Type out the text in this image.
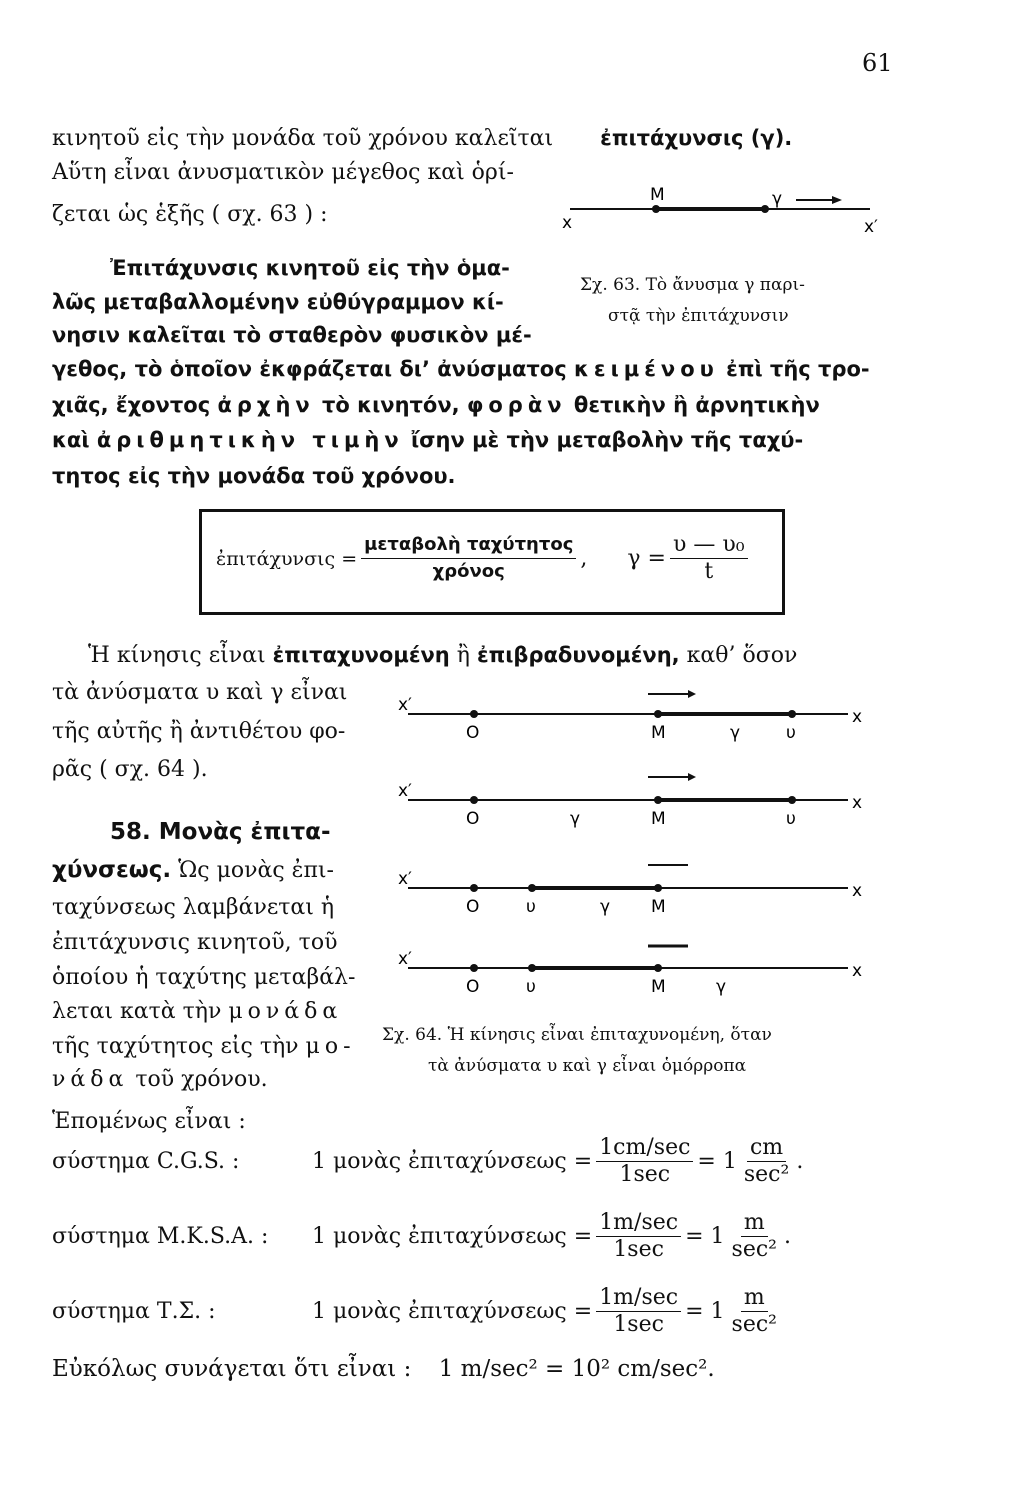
61
κινητοῦ εἰς τὴν μονάδα τοῦ χρόνου καλεῖται ἐπιτάχυνσις (γ).
Αὕτη εἶναι ἀνυσματικὸν μέγεθος καὶ ὁρί-
ζεται ὡς ἑξῆς ( σχ. 63 ) :	x
M	γ
x′
Σχ. 63. Τὸ ἄνυσμα γ παρι-
στᾷ τὴν ἐπιτάχυνσιν
Ἐπιτάχυνσις κινητοῦ εἰς τὴν ὁμα-
λῶς μεταβαλλομένην εὐθύγραμμον κί-
νησιν καλεῖται τὸ σταθερὸν φυσικὸν μέ-
γεθος, τὸ ὁποῖον ἐκφράζεται δι’ ἀνύσματος κειμένου ἐπὶ τῆς τρο-
χιᾶς, ἔχοντος ἀρχὴν τὸ κινητόν, φορὰν θετικὴν ἢ ἀρνητικὴν
καὶ ἀριθμητικὴν τιμὴν ἴσην μὲ τὴν μεταβολὴν τῆς ταχύ-
τητος εἰς τὴν μονάδα τοῦ χρόνου.
ἐπιτάχυνσις = $\frac{\text{μεταβολὴ ταχύτητος}}{\text{χρόνος}}$ , $\gamma = \frac{\text{υ — υ₀}}{t}$
Ἡ κίνησις εἶναι ἐπιταχυνομένη ἢ ἐπιβραδυνομένη, καθ’ ὅσον
τὰ ἀνύσματα υ καὶ γ εἶναι
τῆς αὐτῆς ἢ ἀντιθέτου φο-
ρᾶς ( σχ. 64 ).
58. Μονὰς ἐπιτα-
χύνσεως. Ὡς μονὰς ἐπι-
ταχύνσεως λαμβάνεται ἡ
ἐπιτάχυνσις κινητοῦ, τοῦ
ὁποίου ἡ ταχύτης μεταβάλ-
λεται κατὰ τὴν μονάδα
τῆς ταχύτητος εἰς τὴν μο-
νάδα τοῦ χρόνου.
x′
x
O	M	γ	υ
x′
x
O	γ	M	υ
x′
x
O	υ	γ M
x′
x
O	υ	M	γ
Σχ. 64. Ἡ κίνησις εἶναι ἐπιταχυνομένη, ὅταν
τὰ ἀνύσματα υ καὶ γ εἶναι ὁμόρροπα
Ἑπομένως εἶναι :
σύστημα C.G.S. :	1 μονὰς ἐπιταχύνσεως = $\frac{1cm/\sec}{1\sec} = 1 \frac{cm}{\text{sec²}}$ .
σύστημα M.K.S.A. :	1 μονὰς ἐπιταχύνσεως = $\frac{1m/\sec}{1\sec} = 1 \frac{m}{\text{sec²}}$ .
σύστημα Τ.Σ. :	1 μονὰς ἐπιταχύνσεως = $\frac{1m/\sec}{1\sec} = 1 \frac{m}{\text{sec²}}$
Εὐκόλως συνάγεται ὅτι εἶναι : 1 m/sec² = 10² cm/sec².
